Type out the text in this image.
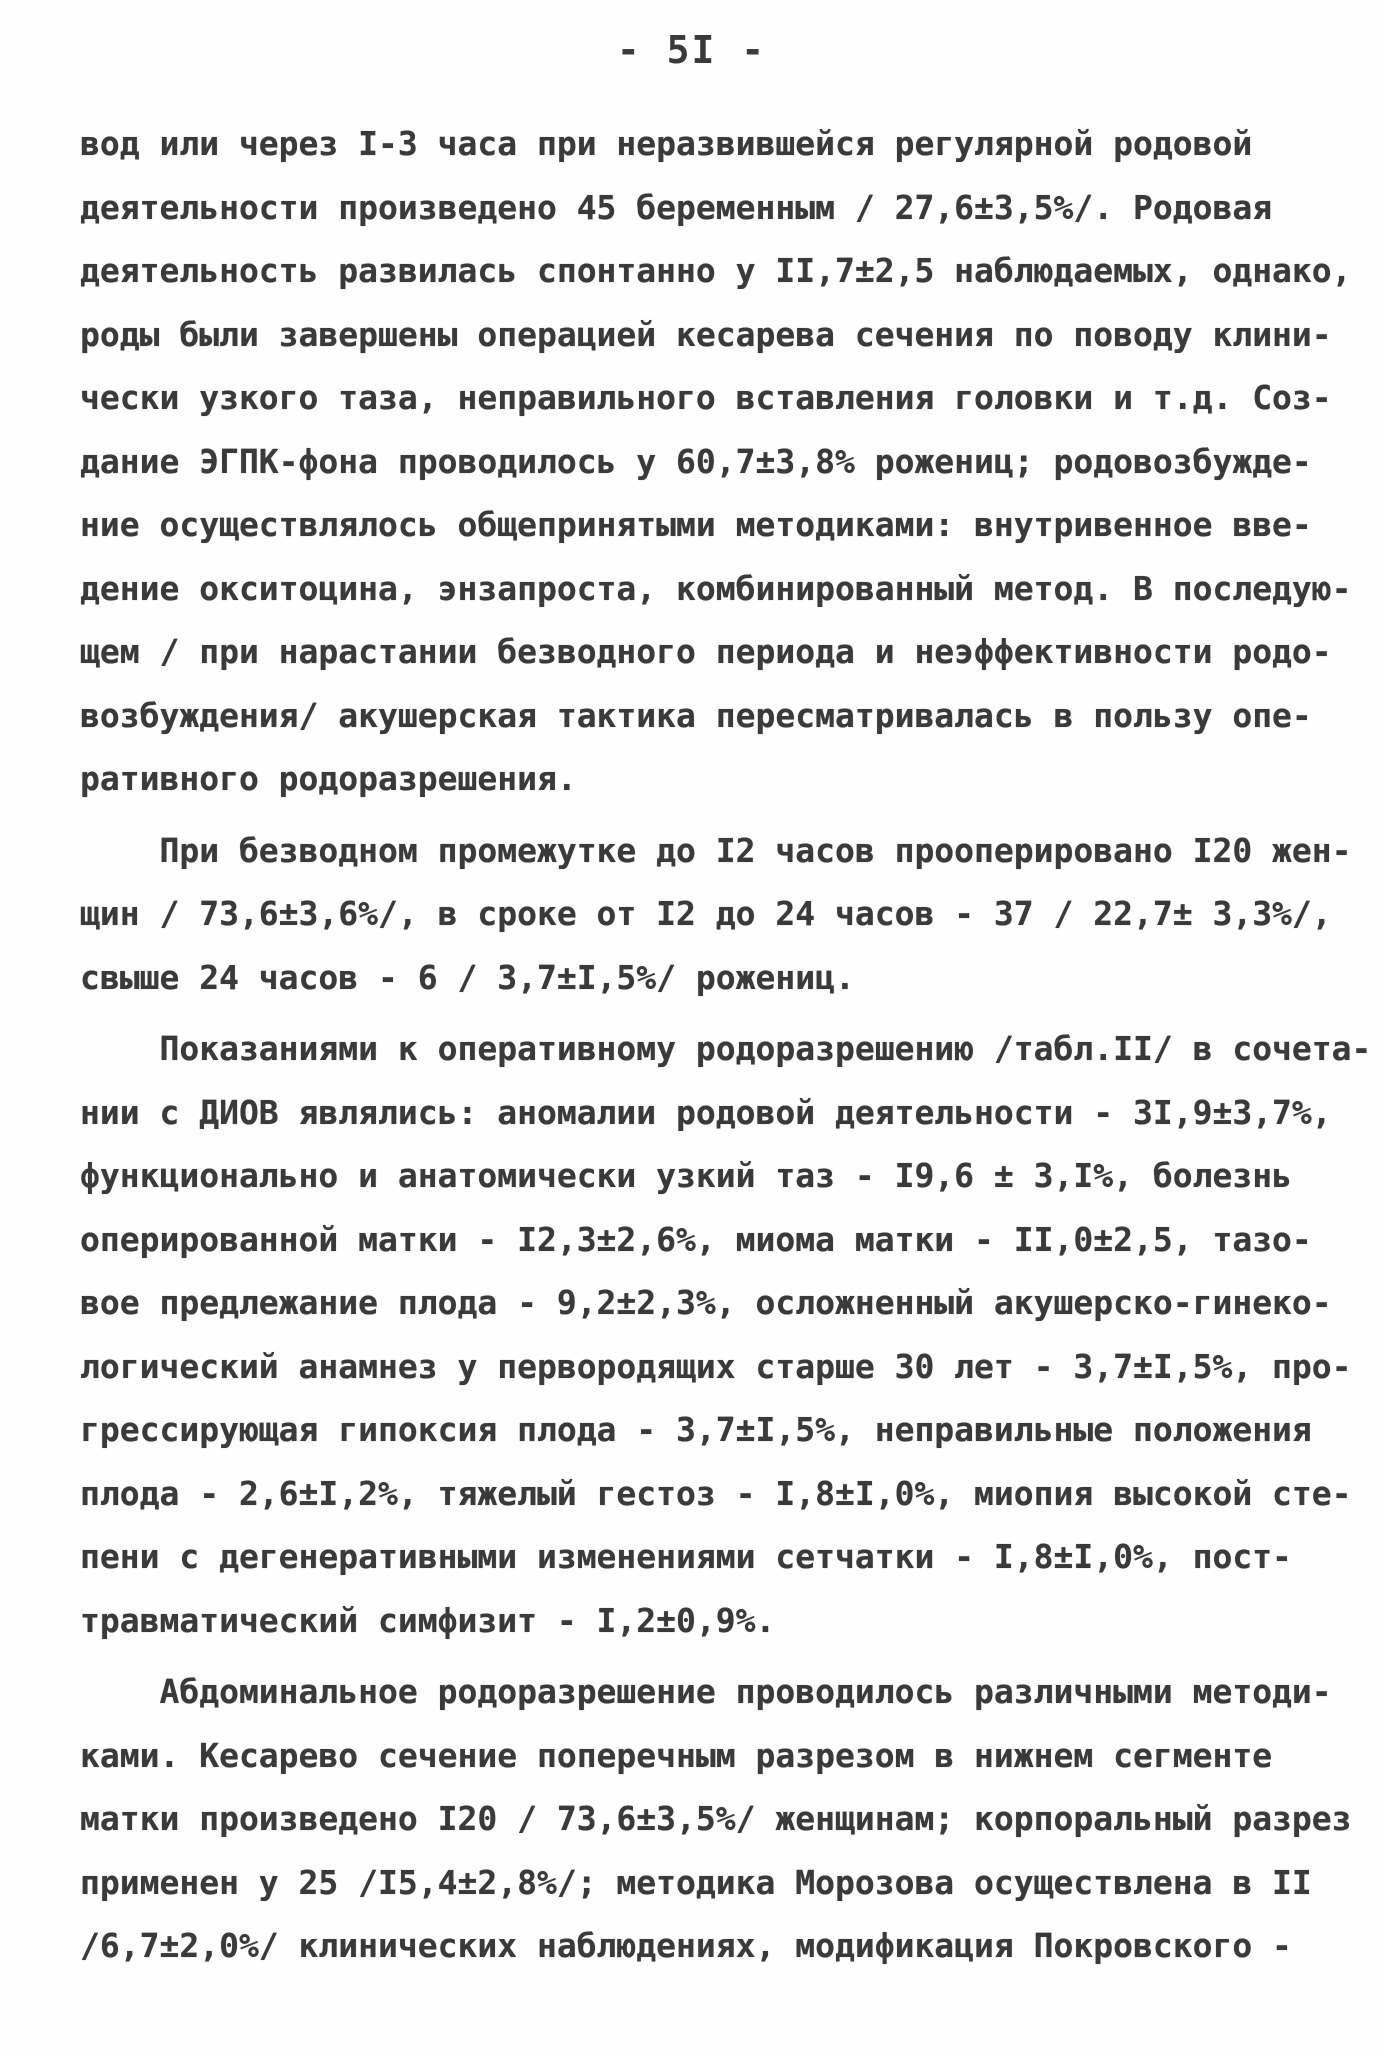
- 5I -
вод или через I-3 часа при неразвившейся регулярной родовой
деятельности произведено 45 беременным / 27,6±3,5%/. Родовая
деятельность развилась спонтанно у II,7±2,5 наблюдаемых, однако,
роды были завершены операцией кесарева сечения по поводу клини-
чески узкого таза, неправильного вставления головки и т.д. Соз-
дание ЭГПК-фона проводилось у 60,7±3,8% рожениц; родовозбужде-
ние осуществлялось общепринятыми методиками: внутривенное вве-
дение окситоцина, энзапроста, комбинированный метод. В последую-
щем / при нарастании безводного периода и неэффективности родо-
возбуждения/ акушерская тактика пересматривалась в пользу опе-
ративного родоразрешения.
При безводном промежутке до I2 часов прооперировано I20 жен-
щин / 73,6±3,6%/, в сроке от I2 до 24 часов - 37 / 22,7± 3,3%/,
свыше 24 часов - 6 / 3,7±I,5%/ рожениц.
Показаниями к оперативному родоразрешению /табл.II/ в сочета-
нии с ДИОВ являлись: аномалии родовой деятельности - 3I,9±3,7%,
функционально и анатомически узкий таз - I9,6 ± 3,I%, болезнь
оперированной матки - I2,3±2,6%, миома матки - II,0±2,5, тазо-
вое предлежание плода - 9,2±2,3%, осложненный акушерско-гинеко-
логический анамнез у первородящих старше 30 лет - 3,7±I,5%, про-
грессирующая гипоксия плода - 3,7±I,5%, неправильные положения
плода - 2,6±I,2%, тяжелый гестоз - I,8±I,0%, миопия высокой сте-
пени с дегенеративными изменениями сетчатки - I,8±I,0%, пост-
травматический симфизит - I,2±0,9%.
Абдоминальное родоразрешение проводилось различными методи-
ками. Кесарево сечение поперечным разрезом в нижнем сегменте
матки произведено I20 / 73,6±3,5%/ женщинам; корпоральный разрез
применен у 25 /I5,4±2,8%/; методика Морозова осуществлена в II
/6,7±2,0%/ клинических наблюдениях, модификация Покровского -
